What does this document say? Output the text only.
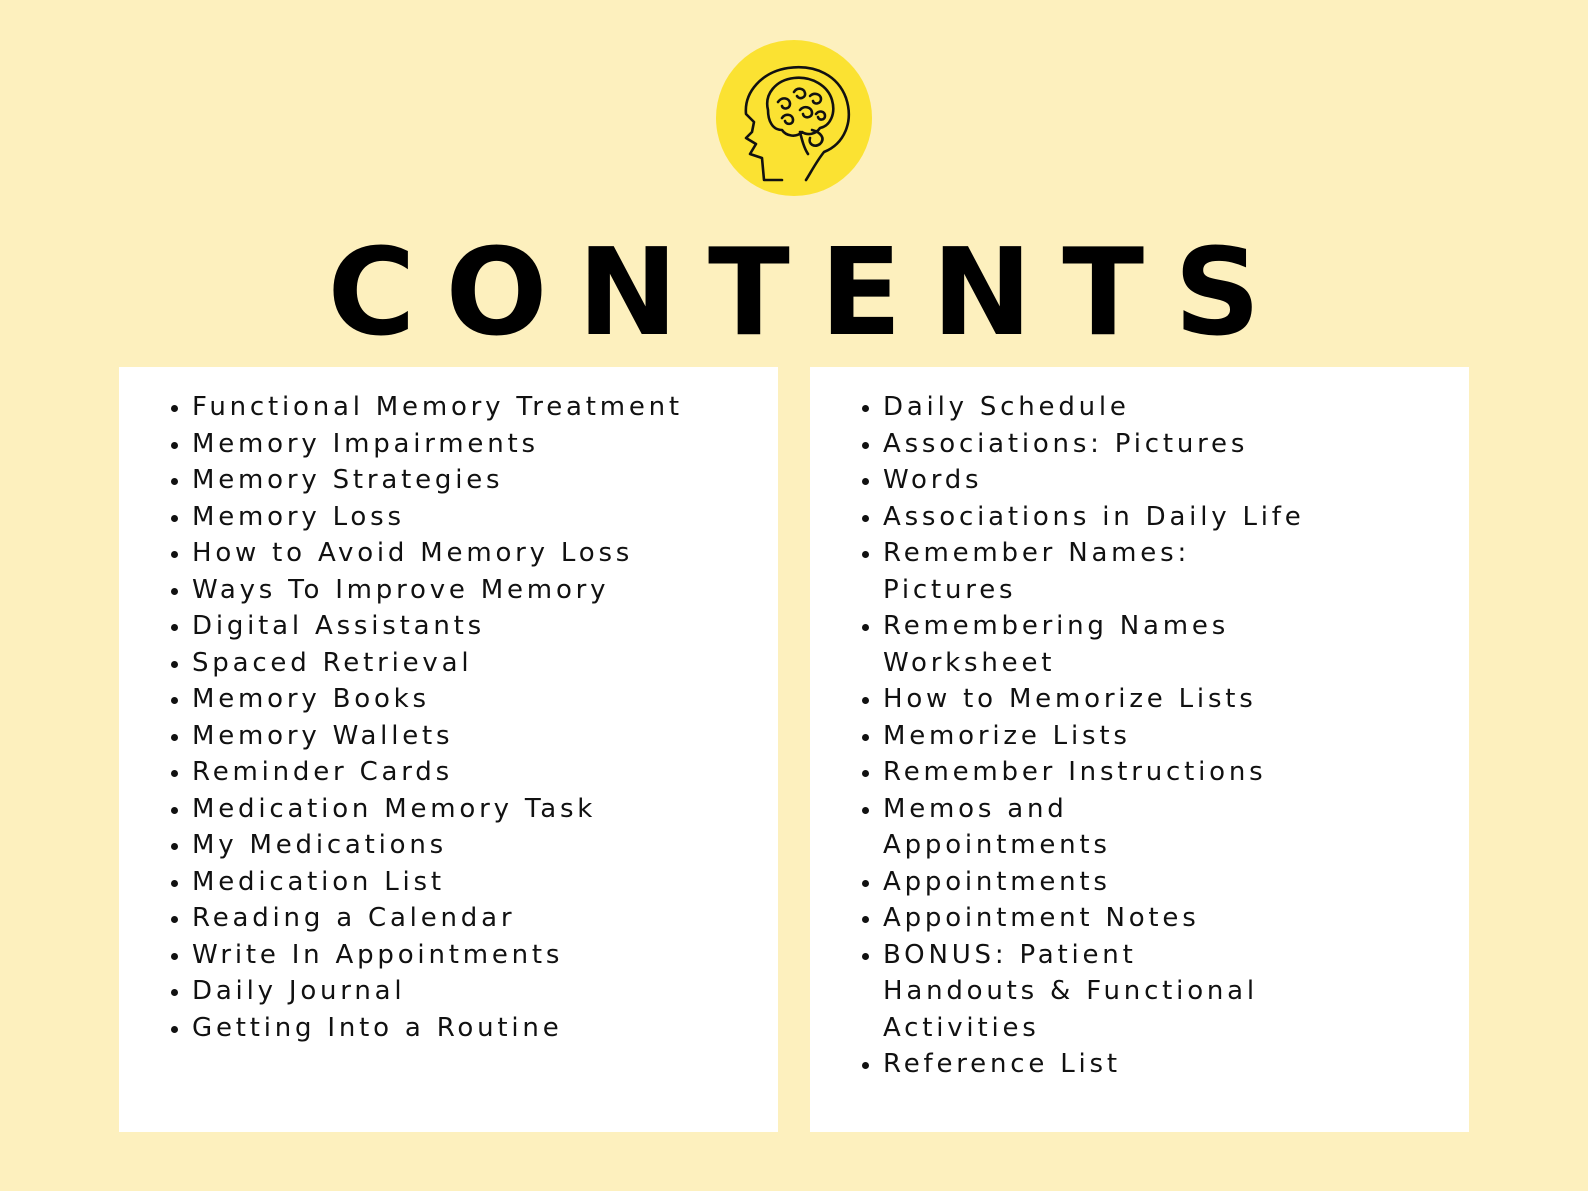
CONTENTS
Functional Memory Treatment
Memory Impairments
Memory Strategies
Memory Loss
How to Avoid Memory Loss
Ways To Improve Memory
Digital Assistants
Spaced Retrieval
Memory Books
Memory Wallets
Reminder Cards
Medication Memory Task
My Medications
Medication List
Reading a Calendar
Write In Appointments
Daily Journal
Getting Into a Routine
Daily Schedule
Associations: Pictures
Words
Associations in Daily Life
Remember Names:
Pictures
Remembering Names
Worksheet
How to Memorize Lists
Memorize Lists
Remember Instructions
Memos and
Appointments
Appointments
Appointment Notes
BONUS: Patient
Handouts & Functional
Activities
Reference List
